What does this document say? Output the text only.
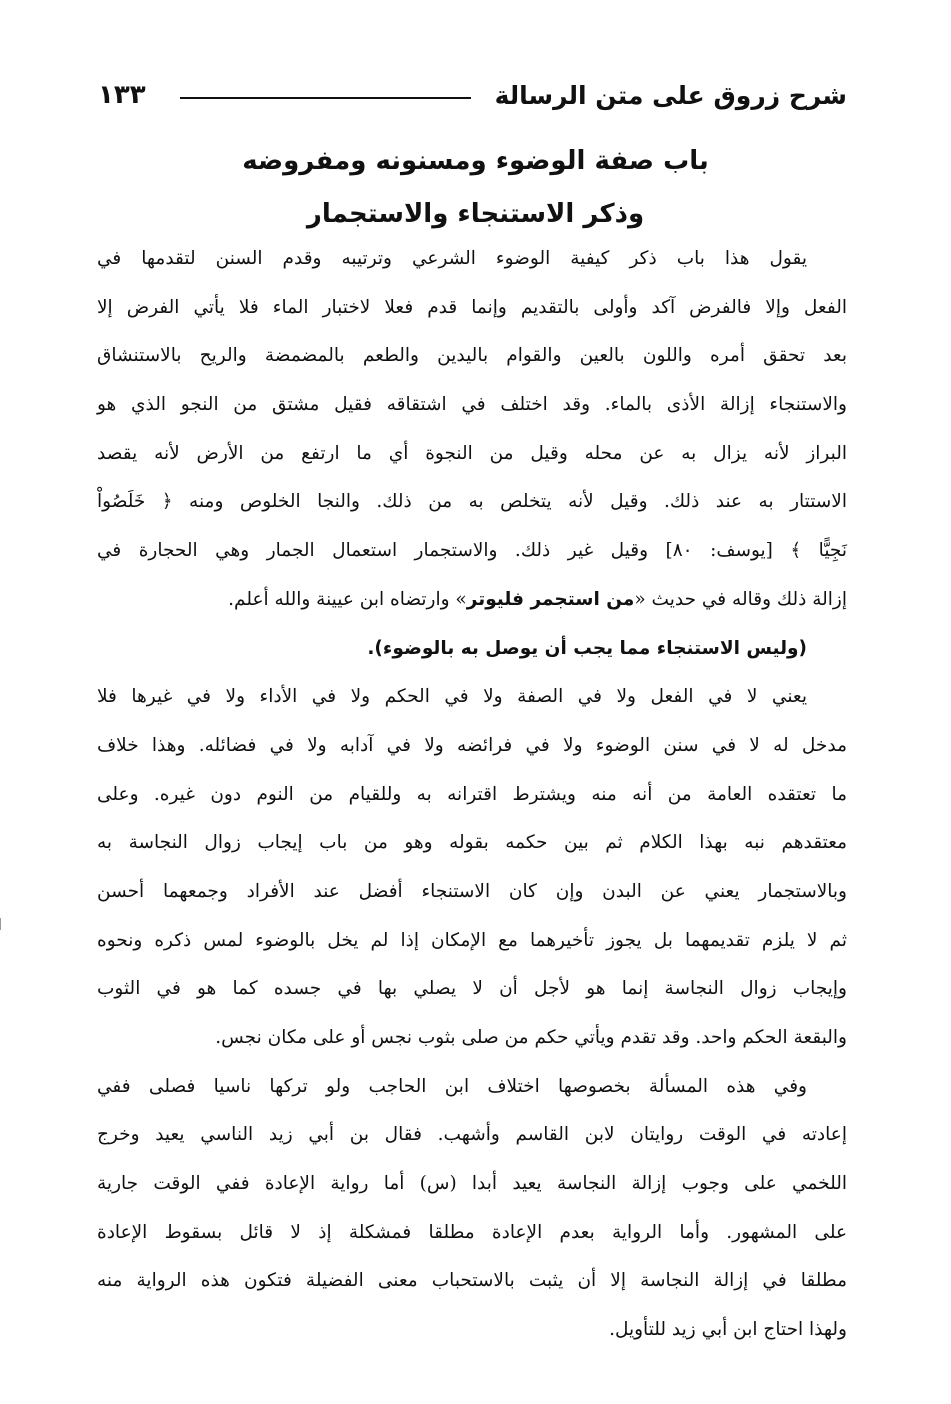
شرح زروق على متن الرسالة
١٣٣
باب صفة الوضوء ومسنونه ومفروضه
وذكر الاستنجاء والاستجمار
يقول هذا باب ذكر كيفية الوضوء الشرعي وترتيبه وقدم السنن لتقدمها في
الفعل وإلا فالفرض آكد وأولى بالتقديم وإنما قدم فعلا لاختبار الماء فلا يأتي الفرض إلا
بعد تحقق أمره واللون بالعين والقوام باليدين والطعم بالمضمضة والريح بالاستنشاق
والاستنجاء إزالة الأذى بالماء. وقد اختلف في اشتقاقه فقيل مشتق من النجو الذي هو
البراز لأنه يزال به عن محله وقيل من النجوة أي ما ارتفع من الأرض لأنه يقصد
الاستتار به عند ذلك. وقيل لأنه يتخلص به من ذلك. والنجا الخلوص ومنه ﴿ خَلَصُواْ
نَجِيًّا ﴾ [يوسف: ٨٠] وقيل غير ذلك. والاستجمار استعمال الجمار وهي الحجارة في
إزالة ذلك وقاله في حديث «من استجمر فليوتر» وارتضاه ابن عيينة والله أعلم.
(وليس الاستنجاء مما يجب أن يوصل به بالوضوء).
يعني لا في الفعل ولا في الصفة ولا في الحكم ولا في الأداء ولا في غيرها فلا
مدخل له لا في سنن الوضوء ولا في فرائضه ولا في آدابه ولا في فضائله. وهذا خلاف
ما تعتقده العامة من أنه منه ويشترط اقترانه به وللقيام من النوم دون غيره. وعلى
معتقدهم نبه بهذا الكلام ثم بين حكمه بقوله وهو من باب إيجاب زوال النجاسة به
وبالاستجمار يعني عن البدن وإن كان الاستنجاء أفضل عند الأفراد وجمعهما أحسن
ثم لا يلزم تقديمهما بل يجوز تأخيرهما مع الإمكان إذا لم يخل بالوضوء لمس ذكره ونحوه
وإيجاب زوال النجاسة إنما هو لأجل أن لا يصلي بها في جسده كما هو في الثوب
والبقعة الحكم واحد. وقد تقدم ويأتي حكم من صلى بثوب نجس أو على مكان نجس.
وفي هذه المسألة بخصوصها اختلاف ابن الحاجب ولو تركها ناسيا فصلى ففي
إعادته في الوقت روايتان لابن القاسم وأشهب. فقال بن أبي زيد الناسي يعيد وخرج
اللخمي على وجوب إزالة النجاسة يعيد أبدا (س) أما رواية الإعادة ففي الوقت جارية
على المشهور. وأما الرواية بعدم الإعادة مطلقا فمشكلة إذ لا قائل بسقوط الإعادة
مطلقا في إزالة النجاسة إلا أن يثبت بالاستحباب معنى الفضيلة فتكون هذه الرواية منه
ولهذا احتاج ابن أبي زيد للتأويل.
